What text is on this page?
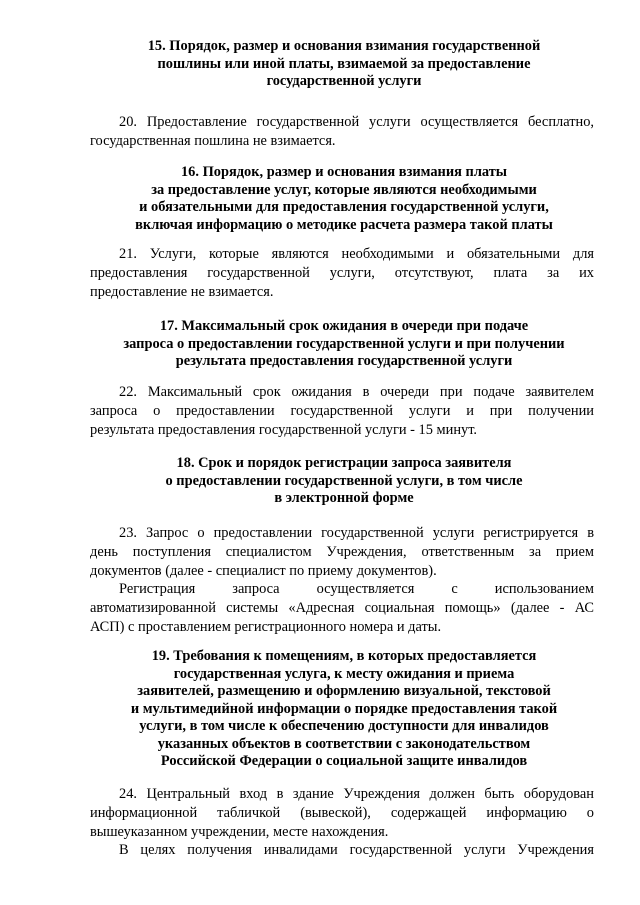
15. Порядок, размер и основания взимания государственной
пошлины или иной платы, взимаемой за предоставление
государственной услуги
20. Предоставление государственной услуги осуществляется бесплатно,
государственная пошлина не взимается.
16. Порядок, размер и основания взимания платы
за предоставление услуг, которые являются необходимыми
и обязательными для предоставления государственной услуги,
включая информацию о методике расчета размера такой платы
21. Услуги, которые являются необходимыми и обязательными для
предоставления государственной услуги, отсутствуют, плата за их
предоставление не взимается.
17. Максимальный срок ожидания в очереди при подаче
запроса о предоставлении государственной услуги и при получении
результата предоставления государственной услуги
22. Максимальный срок ожидания в очереди при подаче заявителем
запроса о предоставлении государственной услуги и при получении
результата предоставления государственной услуги - 15 минут.
18. Срок и порядок регистрации запроса заявителя
о предоставлении государственной услуги, в том числе
в электронной форме
23. Запрос о предоставлении государственной услуги регистрируется в
день поступления специалистом Учреждения, ответственным за прием
документов (далее - специалист по приему документов).
Регистрация запроса осуществляется с использованием
автоматизированной системы «Адресная социальная помощь» (далее - АС
АСП) с проставлением регистрационного номера и даты.
19. Требования к помещениям, в которых предоставляется
государственная услуга, к месту ожидания и приема
заявителей, размещению и оформлению визуальной, текстовой
и мультимедийной информации о порядке предоставления такой
услуги, в том числе к обеспечению доступности для инвалидов
указанных объектов в соответствии с законодательством
Российской Федерации о социальной защите инвалидов
24. Центральный вход в здание Учреждения должен быть оборудован
информационной табличкой (вывеской), содержащей информацию о
вышеуказанном учреждении, месте нахождения.
В целях получения инвалидами государственной услуги Учреждения
